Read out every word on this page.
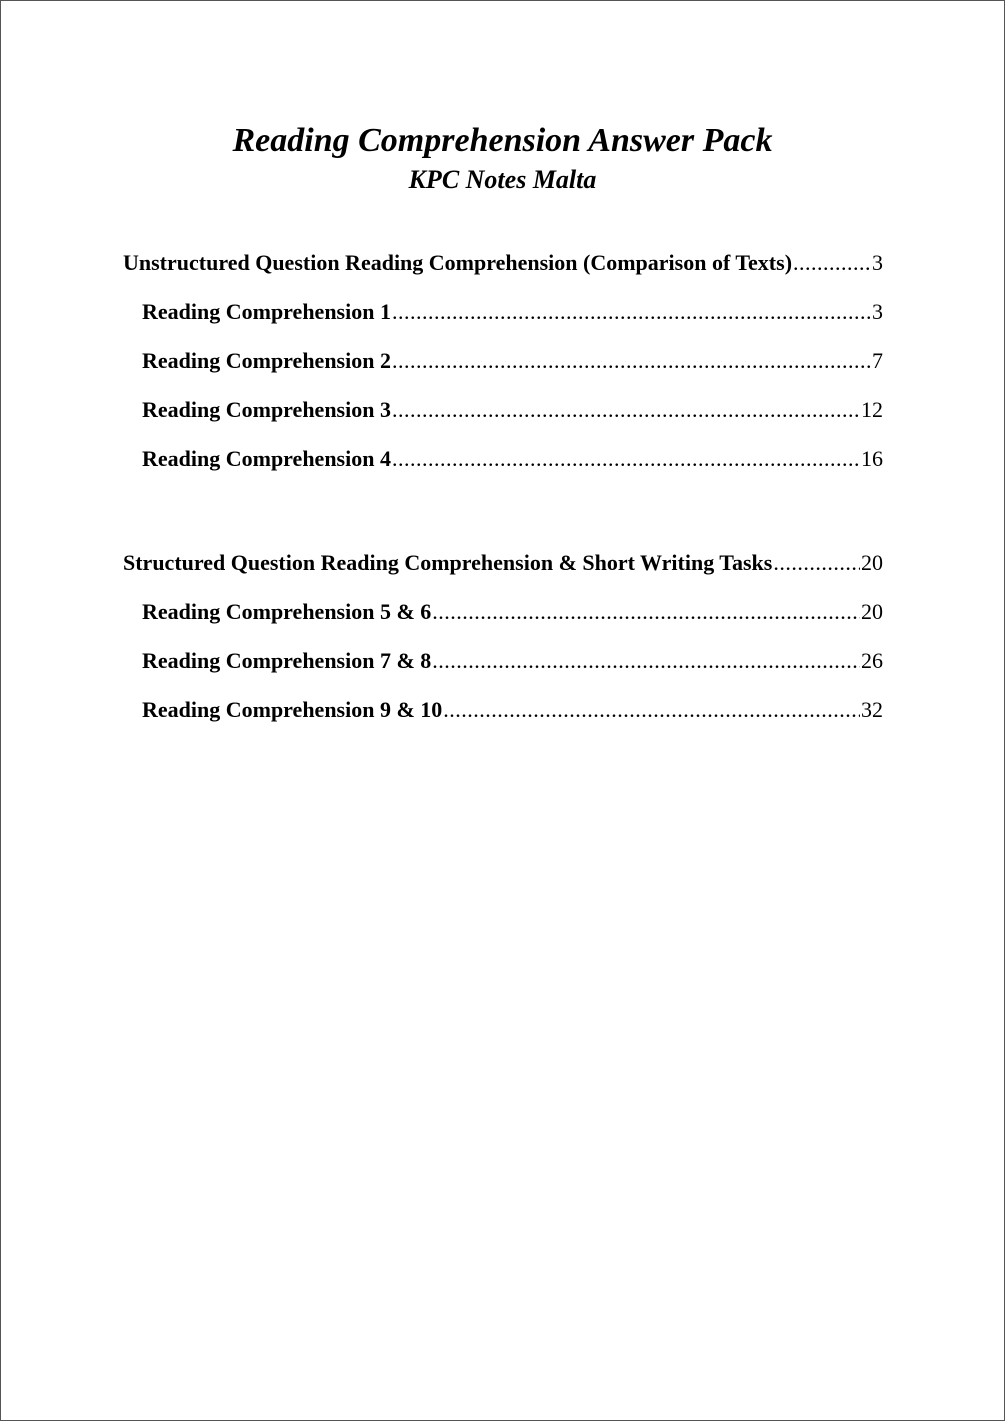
Reading Comprehension Answer Pack
KPC Notes Malta
Unstructured Question Reading Comprehension (Comparison of Texts) .....	3
Reading Comprehension 1 .....	3
Reading Comprehension 2 .....	7
Reading Comprehension 3 .....	12
Reading Comprehension 4 .....	16
Structured Question Reading Comprehension & Short Writing Tasks .....	20
Reading Comprehension 5 & 6 .....	20
Reading Comprehension 7 & 8 .....	26
Reading Comprehension 9 & 10 .....	32
